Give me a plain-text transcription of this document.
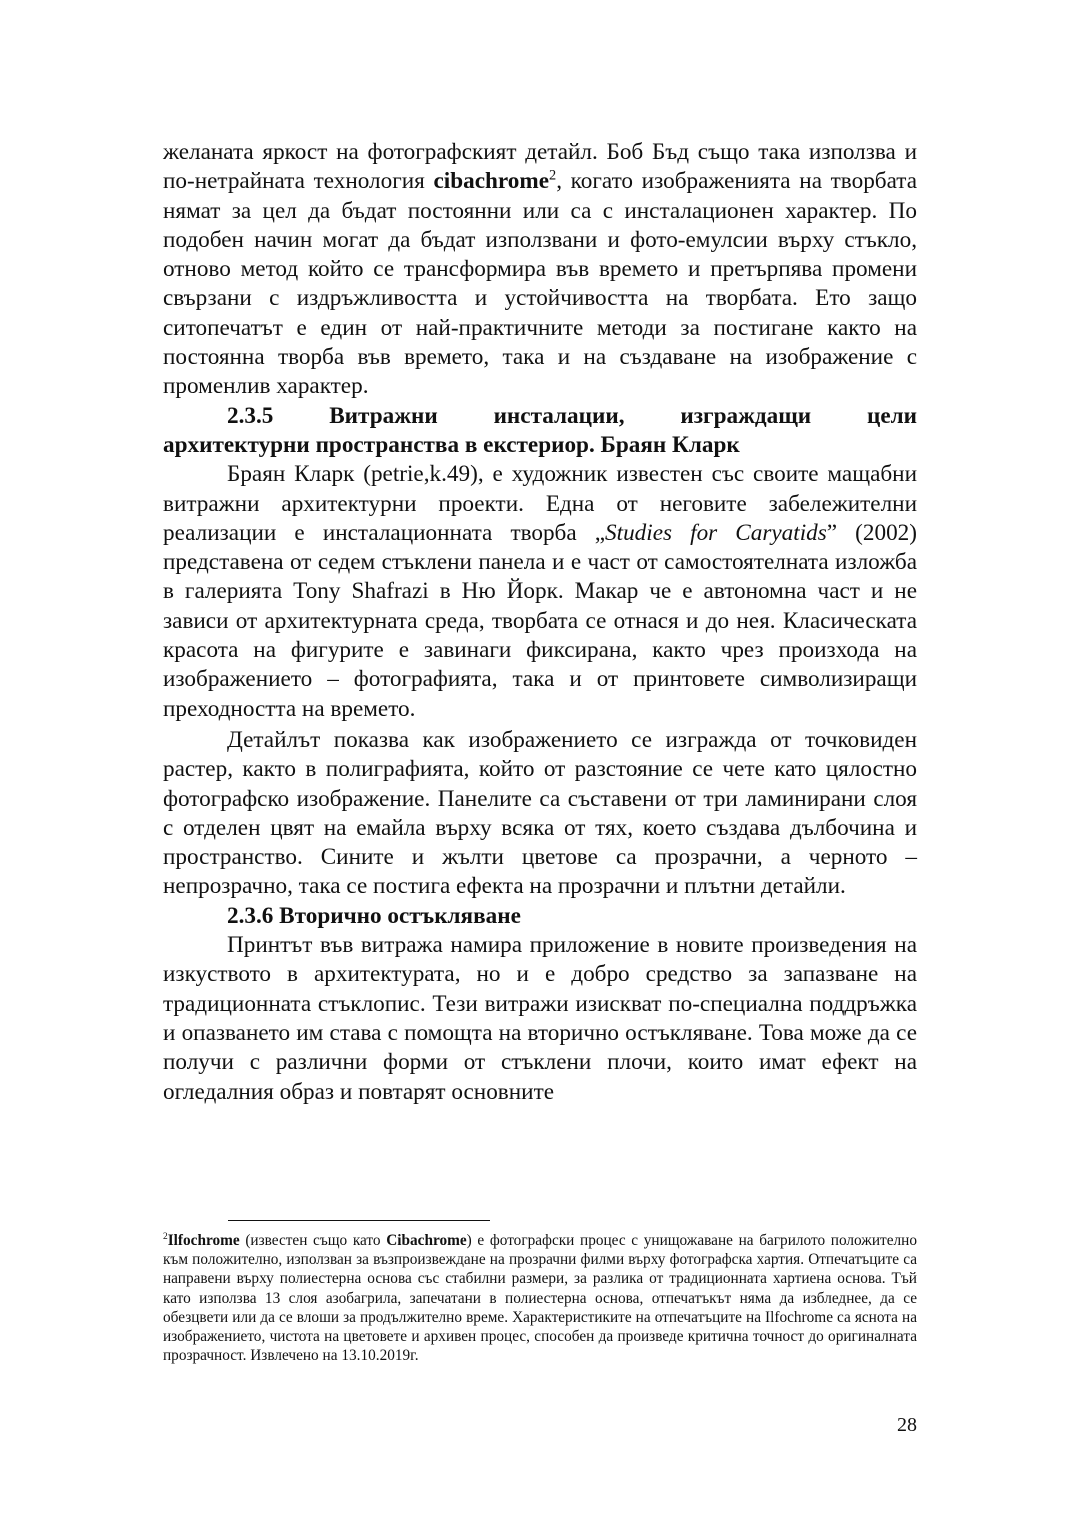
желаната яркост на фотографският детайл. Боб Бъд също така използва и по-нетрайната технология cibachrome$^2$, когато изображенията на творбата нямат за цел да бъдат постоянни или са с инсталационен характер. По подобен начин могат да бъдат използвани и фото-емулсии върху стъкло, отново метод който се трансформира във времето и претърпява промени свързани с издръжливостта и устойчивостта на творбата. Ето защо ситопечатът е един от най-практичните методи за постигане както на постоянна творба във времето, така и на създаване на изображение с променлив характер.

2.3.5 Витражни инсталации, изграждащи цели
архитектурни пространства в екстериор. Браян Кларк

Браян Кларк (petrie,k.49), е художник известен със своите мащабни витражни архитектурни проекти. Една от неговите забележителни реализации е инсталационната творба „Studies for Caryatids” (2002) представена от седем стъклени панела и е част от самостоятелната изложба в галерията Tony Shafrazi в Ню Йорк. Макар че е автономна част и не зависи от архитектурната среда, творбата се отнася и до нея. Класическата красота на фигурите е завинаги фиксирана, както чрез произхода на изображението – фотографията, така и от принтовете символизиращи преходността на времето.

Детайлът показва как изображението се изгражда от точковиден растер, както в полиграфията, който от разстояние се чете като цялостно фотографско изображение. Панелите са съставени от три ламинирани слоя с отделен цвят на емайла върху всяка от тях, което създава дълбочина и пространство. Сините и жълти цветове са прозрачни, а черното – непрозрачно, така се постига ефекта на прозрачни и плътни детайли.

2.3.6 Вторично остъкляване

Принтът във витража намира приложение в новите произведения на изкуството в архитектурата, но и е добро средство за запазване на традиционната стъклопис. Тези витражи изискват по-специална поддръжка и опазването им става с помощта на вторично остъкляване. Това може да се получи с различни форми от стъклени плочи, които имат ефект на огледалния образ и повтарят основните

$^2$Ilfochrome (известен също като Cibachrome) е фотографски процес с унищожаване на багрилото положително към положително, използван за възпроизвеждане на прозрачни филми върху фотографска хартия. Отпечатъците са направени върху полиестерна основа със стабилни размери, за разлика от традиционната хартиена основа. Тъй като използва 13 слоя азобагрила, запечатани в полиестерна основа, отпечатъкът няма да избледнее, да се обезцвети или да се влоши за продължително време. Характеристиките на отпечатъците на Ilfochrome са яснота на изображението, чистота на цветовете и архивен процес, способен да произведе критична точност до оригиналната прозрачност. Извлечено на 13.10.2019г.

28
